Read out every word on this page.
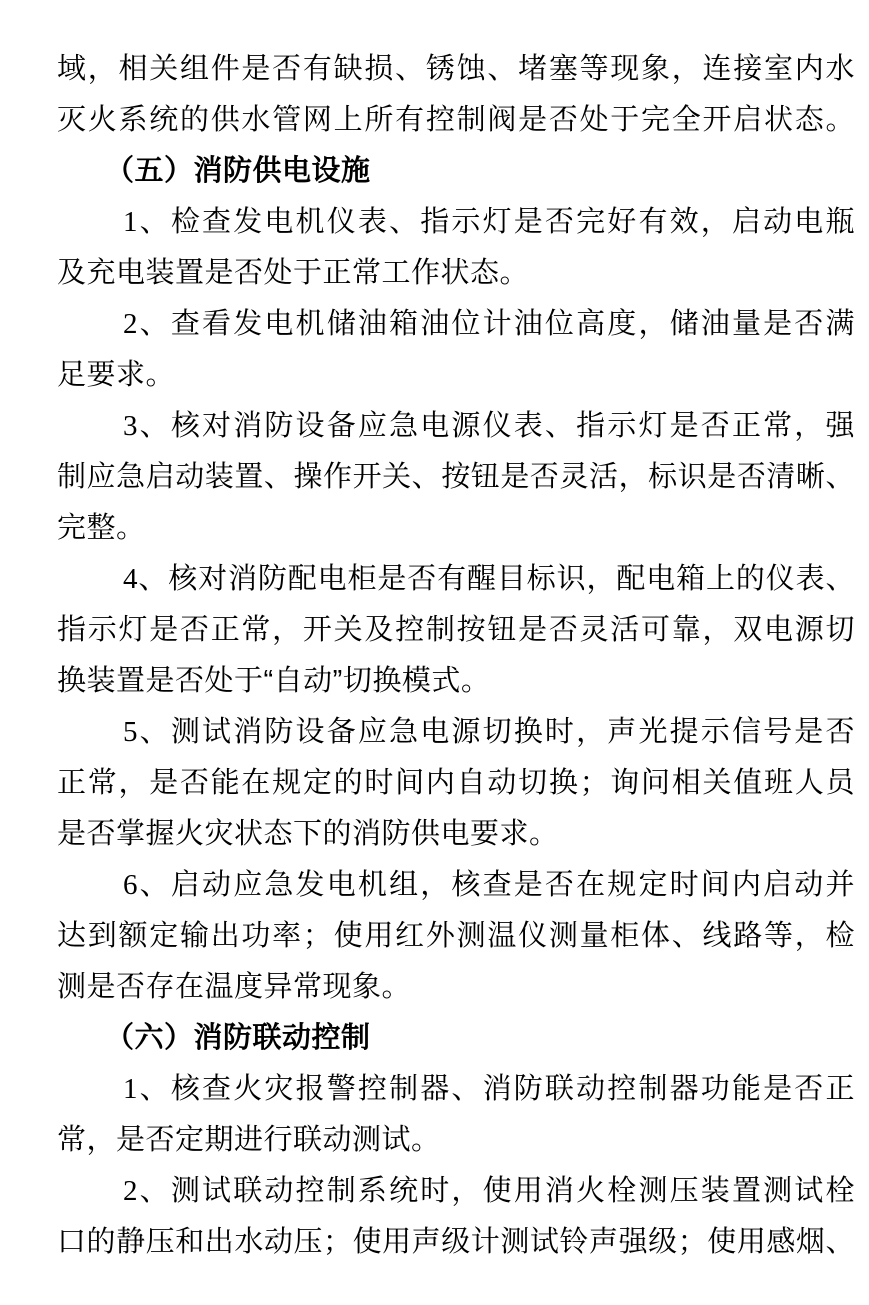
域，相关组件是否有缺损、锈蚀、堵塞等现象，连接室内水
灭火系统的供水管网上所有控制阀是否处于完全开启状态。
（五）消防供电设施
1、检查发电机仪表、指示灯是否完好有效，启动电瓶
及充电装置是否处于正常工作状态。
2、查看发电机储油箱油位计油位高度，储油量是否满
足要求。
3、核对消防设备应急电源仪表、指示灯是否正常，强
制应急启动装置、操作开关、按钮是否灵活，标识是否清晰、
完整。
4、核对消防配电柜是否有醒目标识，配电箱上的仪表、
指示灯是否正常，开关及控制按钮是否灵活可靠，双电源切
换装置是否处于“自动”切换模式。
5、测试消防设备应急电源切换时，声光提示信号是否
正常，是否能在规定的时间内自动切换；询问相关值班人员
是否掌握火灾状态下的消防供电要求。
6、启动应急发电机组，核查是否在规定时间内启动并
达到额定输出功率；使用红外测温仪测量柜体、线路等，检
测是否存在温度异常现象。
（六）消防联动控制
1、核查火灾报警控制器、消防联动控制器功能是否正
常，是否定期进行联动测试。
2、测试联动控制系统时，使用消火栓测压装置测试栓
口的静压和出水动压；使用声级计测试铃声强级；使用感烟、
